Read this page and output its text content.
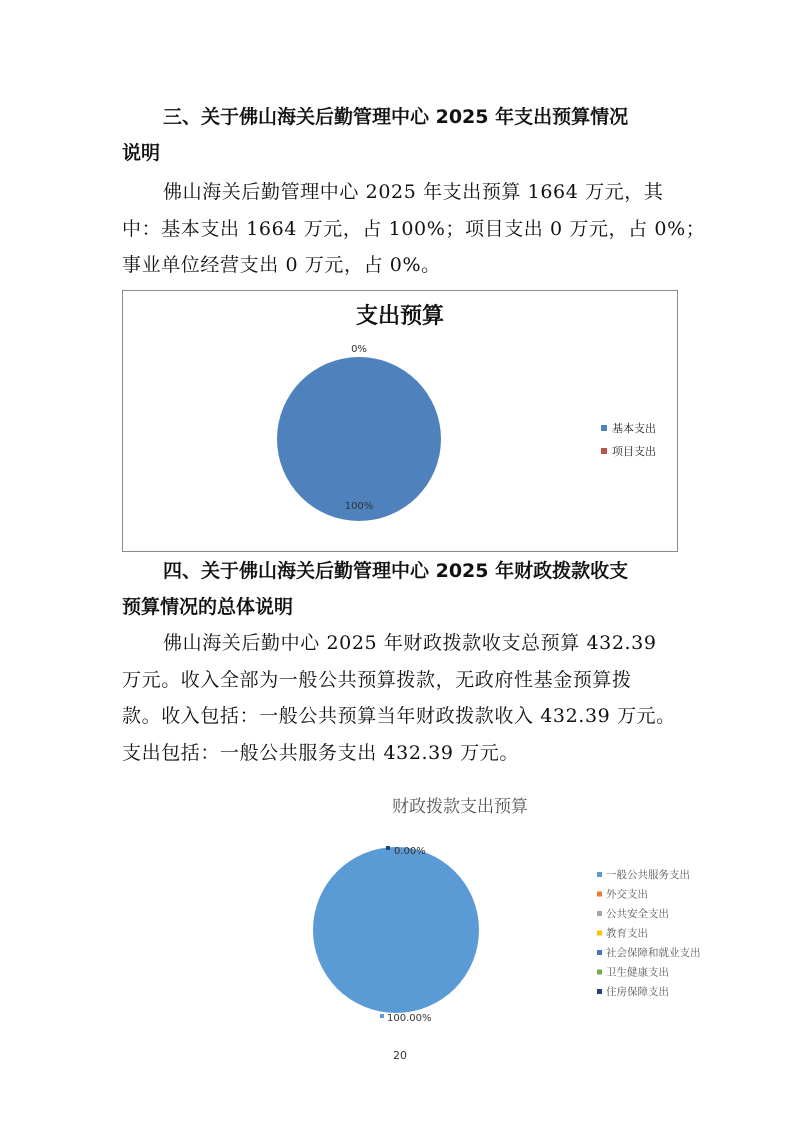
三、关于佛山海关后勤管理中心 2025 年支出预算情况
说明
佛山海关后勤管理中心 2025 年支出预算 1664 万元，其
中：基本支出 1664 万元，占 100%；项目支出 0 万元，占 0%；
事业单位经营支出 0 万元，占 0%。
支出预算
0%
100%
基本支出
项目支出
四、关于佛山海关后勤管理中心 2025 年财政拨款收支
预算情况的总体说明
佛山海关后勤中心 2025 年财政拨款收支总预算 432.39
万元。收入全部为一般公共预算拨款，无政府性基金预算拨
款。收入包括：一般公共预算当年财政拨款收入 432.39 万元。
支出包括：一般公共服务支出 432.39 万元。
财政拨款支出预算
0.00%
100.00%
一般公共服务支出
外交支出
公共安全支出
教育支出
社会保障和就业支出
卫生健康支出
住房保障支出
20
